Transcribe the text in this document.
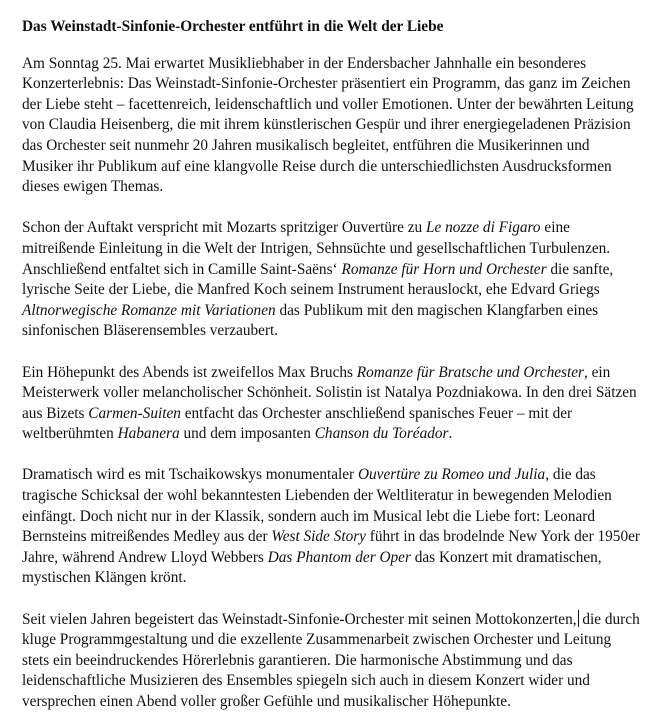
Das Weinstadt-Sinfonie-Orchester entführt in die Welt der Liebe

Am Sonntag 25. Mai erwartet Musikliebhaber in der Endersbacher Jahnhalle ein besonderes Konzerterlebnis: Das Weinstadt-Sinfonie-Orchester präsentiert ein Programm, das ganz im Zeichen der Liebe steht – facettenreich, leidenschaftlich und voller Emotionen. Unter der bewährten Leitung von Claudia Heisenberg, die mit ihrem künstlerischen Gespür und ihrer energiegeladenen Präzision das Orchester seit nunmehr 20 Jahren musikalisch begleitet, entführen die Musikerinnen und Musiker ihr Publikum auf eine klangvolle Reise durch die unterschiedlichsten Ausdrucksformen dieses ewigen Themas.

Schon der Auftakt verspricht mit Mozarts spritziger Ouvertüre zu Le nozze di Figaro eine mitreißende Einleitung in die Welt der Intrigen, Sehnsüchte und gesellschaftlichen Turbulenzen. Anschließend entfaltet sich in Camille Saint-Saëns‘ Romanze für Horn und Orchester die sanfte, lyrische Seite der Liebe, die Manfred Koch seinem Instrument herauslockt, ehe Edvard Griegs Altnorwegische Romanze mit Variationen das Publikum mit den magischen Klangfarben eines sinfonischen Bläserensembles verzaubert.

Ein Höhepunkt des Abends ist zweifellos Max Bruchs Romanze für Bratsche und Orchester, ein Meisterwerk voller melancholischer Schönheit. Solistin ist Natalya Pozdniakowa. In den drei Sätzen aus Bizets Carmen-Suiten entfacht das Orchester anschließend spanisches Feuer – mit der weltberühmten Habanera und dem imposanten Chanson du Toréador.

Dramatisch wird es mit Tschaikowskys monumentaler Ouvertüre zu Romeo und Julia, die das tragische Schicksal der wohl bekanntesten Liebenden der Weltliteratur in bewegenden Melodien einfängt. Doch nicht nur in der Klassik, sondern auch im Musical lebt die Liebe fort: Leonard Bernsteins mitreißendes Medley aus der West Side Story führt in das brodelnde New York der 1950er Jahre, während Andrew Lloyd Webbers Das Phantom der Oper das Konzert mit dramatischen, mystischen Klängen krönt.

Seit vielen Jahren begeistert das Weinstadt-Sinfonie-Orchester mit seinen Mottokonzerten, die durch kluge Programmgestaltung und die exzellente Zusammenarbeit zwischen Orchester und Leitung stets ein beeindruckendes Hörerlebnis garantieren. Die harmonische Abstimmung und das leidenschaftliche Musizieren des Ensembles spiegeln sich auch in diesem Konzert wider und versprechen einen Abend voller großer Gefühle und musikalischer Höhepunkte.
